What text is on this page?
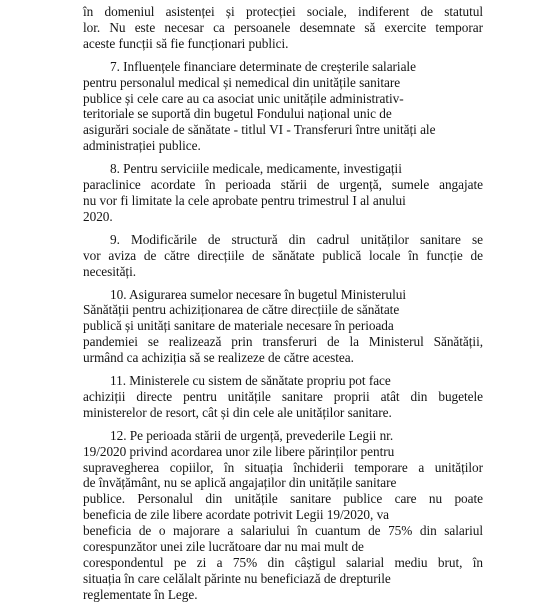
în domeniul asistenței și protecției sociale, indiferent de statutul
lor. Nu este necesar ca persoanele desemnate să exercite temporar
aceste funcții să fie funcționari publici.
7. Influențele financiare determinate de creșterile salariale
pentru personalul medical și nemedical din unitățile sanitare
publice și cele care au ca asociat unic unitățile administrativ-
teritoriale se suportă din bugetul Fondului național unic de
asigurări sociale de sănătate - titlul VI - Transferuri între unități ale
administrației publice.
8. Pentru serviciile medicale, medicamente, investigații
paraclinice acordate în perioada stării de urgență, sumele angajate
nu vor fi limitate la cele aprobate pentru trimestrul I al anului
2020.
9. Modificările de structură din cadrul unităților sanitare se
vor aviza de către direcțiile de sănătate publică locale în funcție de
necesități.
10. Asigurarea sumelor necesare în bugetul Ministerului
Sănătății pentru achiziționarea de către direcțiile de sănătate
publică și unități sanitare de materiale necesare în perioada
pandemiei se realizează prin transferuri de la Ministerul Sănătății,
urmând ca achiziția să se realizeze de către acestea.
11. Ministerele cu sistem de sănătate propriu pot face
achiziții directe pentru unitățile sanitare proprii atât din bugetele
ministerelor de resort, cât și din cele ale unităților sanitare.
12. Pe perioada stării de urgență, prevederile Legii nr.
19/2020 privind acordarea unor zile libere părinților pentru
supravegherea copiilor, în situația închiderii temporare a unităților
de învățământ, nu se aplică angajaților din unitățile sanitare
publice. Personalul din unitățile sanitare publice care nu poate
beneficia de zile libere acordate potrivit Legii 19/2020, va
beneficia de o majorare a salariului în cuantum de 75% din salariul
corespunzător unei zile lucrătoare dar nu mai mult de
corespondentul pe zi a 75% din câștigul salarial mediu brut, în
situația în care celălalt părinte nu beneficiază de drepturile
reglementate în Lege.
